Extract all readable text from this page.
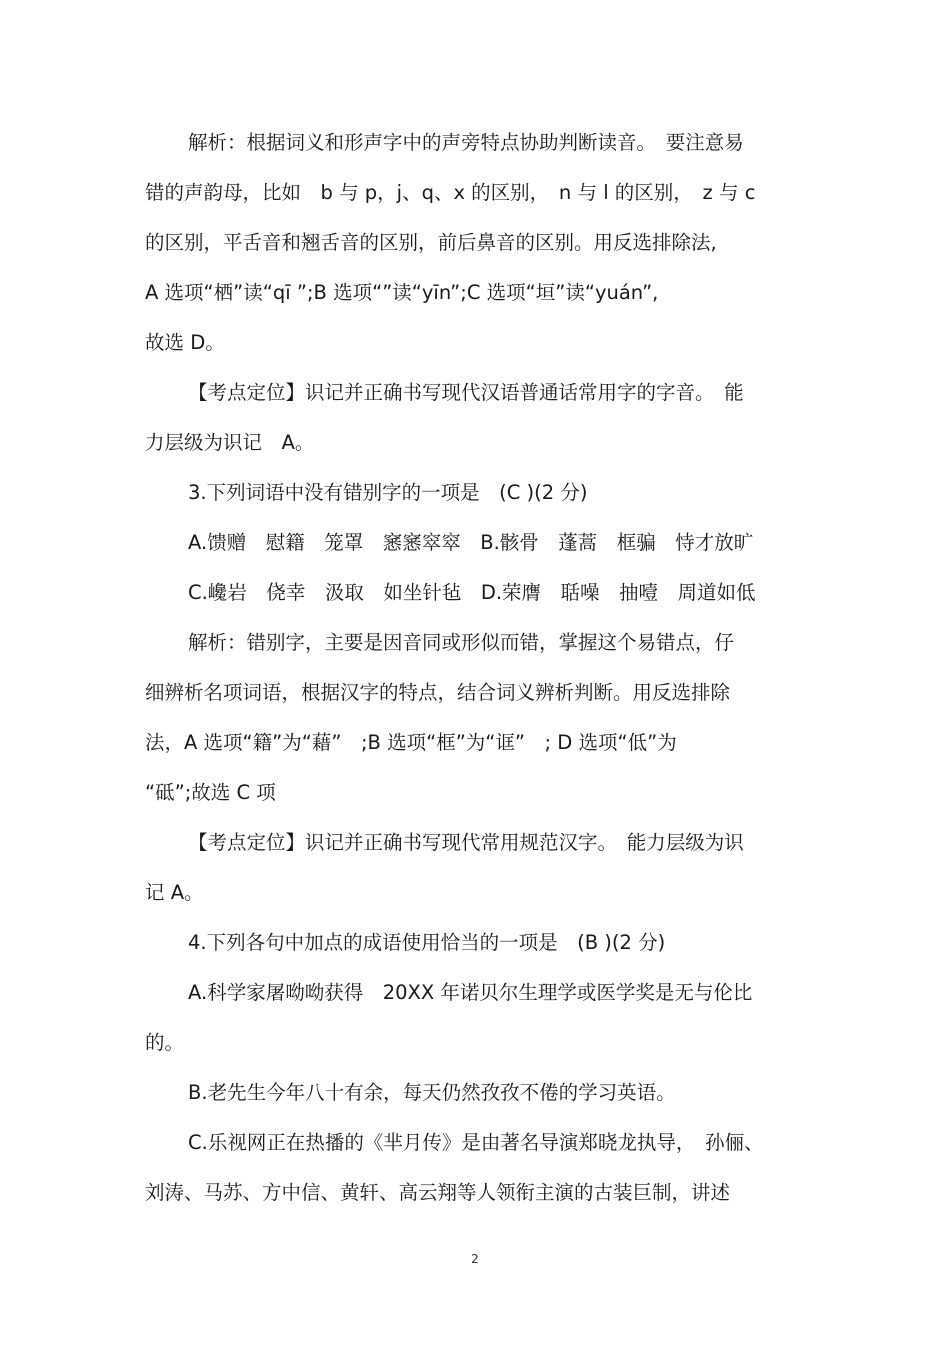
解析：根据词义和形声字中的声旁特点协助判断读音。　要注意易
错的声韵母，比如　b 与 p，j、q、x 的区别，　n 与 l 的区别，　z 与 c
的区别，平舌音和翘舌音的区别，前后鼻音的区别。用反选排除法,
A 选项“栖”读“qī ”;B 选项“”读“yīn”;C 选项“垣”读“yuán”,
故选 D。
【考点定位】识记并正确书写现代汉语普通话常用字的字音。　能
力层级为识记　A。
3.下列词语中没有错别字的一项是　(C )(2 分)
A.馈赠　慰籍　笼罩　窸窸窣窣　B.骸骨　蓬蒿　框骗　恃才放旷
C.巉岩　侥幸　汲取　如坐针毡　D.荣膺　聒噪　抽噎　周道如低
解析：错别字，主要是因音同或形似而错，掌握这个易错点，仔
细辨析名项词语，根据汉字的特点，结合词义辨析判断。用反选排除
法，A 选项“籍”为“藉”　;B 选项“框”为“诓”　; D 选项“低”为
“砥”;故选 C 项
【考点定位】识记并正确书写现代常用规范汉字。　能力层级为识
记 A。
4.下列各句中加点的成语使用恰当的一项是　(B )(2 分)
A.科学家屠呦呦获得　20XX 年诺贝尔生理学或医学奖是无与伦比
的。
B.老先生今年八十有余，每天仍然孜孜不倦的学习英语。
C.乐视网正在热播的《芈月传》是由著名导演郑晓龙执导，　孙俪、
刘涛、马苏、方中信、黄轩、高云翔等人领衔主演的古装巨制，讲述
2
